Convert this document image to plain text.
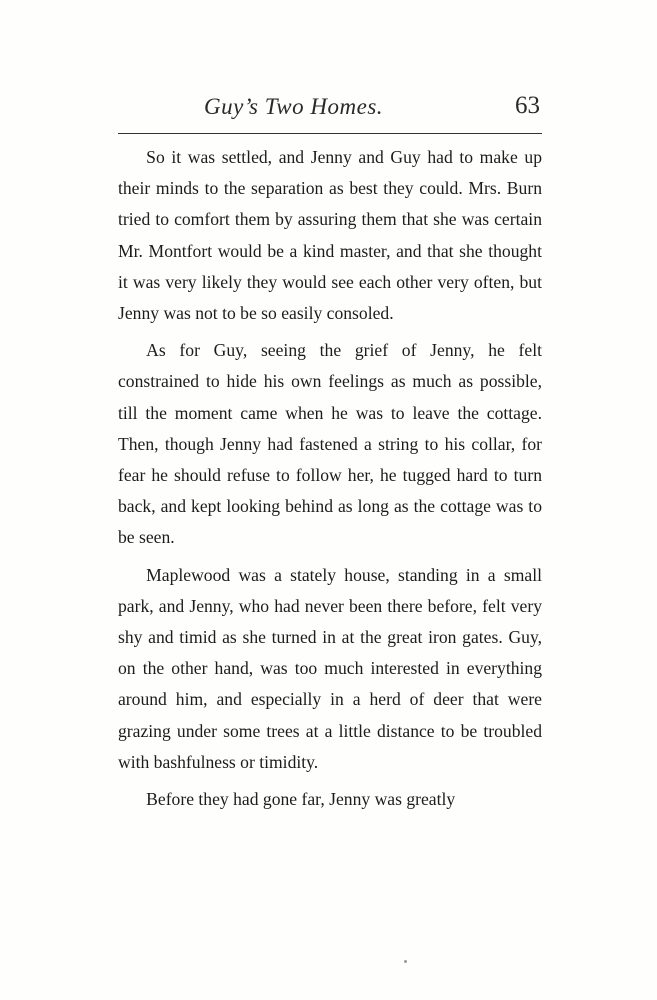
Guy’s Two Homes.	63

So it was settled, and Jenny and Guy had to make up their minds to the separation as best they could. Mrs. Burn tried to comfort them by assuring them that she was certain Mr. Montfort would be a kind master, and that she thought it was very likely they would see each other very often, but Jenny was not to be so easily consoled.

As for Guy, seeing the grief of Jenny, he felt constrained to hide his own feelings as much as possible, till the moment came when he was to leave the cottage. Then, though Jenny had fastened a string to his collar, for fear he should refuse to follow her, he tugged hard to turn back, and kept looking behind as long as the cottage was to be seen.

Maplewood was a stately house, standing in a small park, and Jenny, who had never been there before, felt very shy and timid as she turned in at the great iron gates. Guy, on the other hand, was too much interested in everything around him, and especially in a herd of deer that were grazing under some trees at a little distance to be troubled with bashfulness or timidity.

Before they had gone far, Jenny was greatly
